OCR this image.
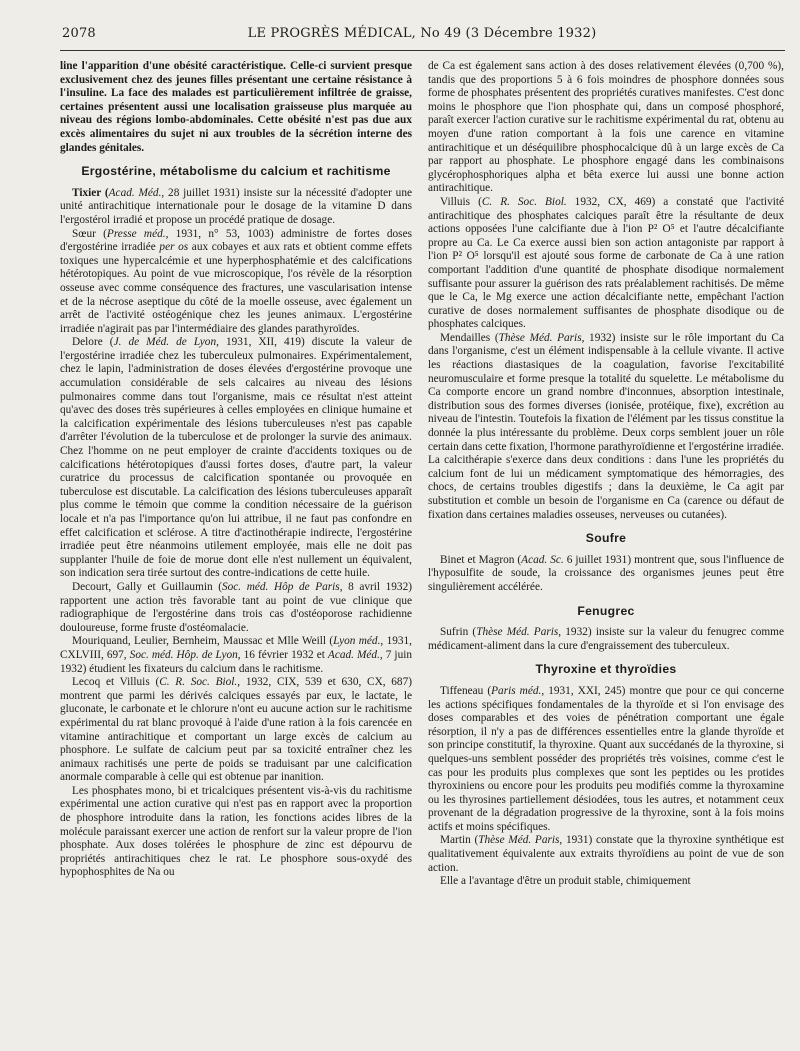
2078	LE PROGRÈS MÉDICAL, No 49 (3 Décembre 1932)

line l'apparition d'une obésité caractéristique. Celle-ci survient presque exclusivement chez des jeunes filles présentant une certaine résistance à l'insuline. La face des malades est particulièrement infiltrée de graisse, certaines présentent aussi une localisation graisseuse plus marquée au niveau des régions lombo-abdominales. Cette obésité n'est pas due aux excès alimentaires du sujet ni aux troubles de la sécrétion interne des glandes génitales.

Ergostérine, métabolisme du calcium et rachitisme

Tixier (Acad. Méd., 28 juillet 1931) insiste sur la nécessité d'adopter une unité antirachitique internationale pour le dosage de la vitamine D dans l'ergostérol irradié et propose un procédé pratique de dosage.

Sœur (Presse méd., 1931, n° 53, 1003) administre de fortes doses d'ergostérine irradiée per os aux cobayes et aux rats et obtient comme effets toxiques une hypercalcémie et une hyperphosphatémie et des calcifications hétérotopiques. Au point de vue microscopique, l'os révèle de la résorption osseuse avec comme conséquence des fractures, une vascularisation intense et de la nécrose aseptique du côté de la moelle osseuse, avec également un arrêt de l'activité ostéogénique chez les jeunes animaux. L'ergostérine irradiée n'agirait pas par l'intermédiaire des glandes parathyroïdes.

Delore (J. de Méd. de Lyon, 1931, XII, 419) discute la valeur de l'ergostérine irradiée chez les tuberculeux pulmonaires. Expérimentalement, chez le lapin, l'administration de doses élevées d'ergostérine provoque une accumulation considérable de sels calcaires au niveau des lésions pulmonaires comme dans tout l'organisme, mais ce résultat n'est atteint qu'avec des doses très supérieures à celles employées en clinique humaine et la calcification expérimentale des lésions tuberculeuses n'est pas capable d'arrêter l'évolution de la tuberculose et de prolonger la survie des animaux. Chez l'homme on ne peut employer de crainte d'accidents toxiques ou de calcifications hétérotopiques d'aussi fortes doses, d'autre part, la valeur curatrice du processus de calcification spontanée ou provoquée en tuberculose est discutable. La calcification des lésions tuberculeuses apparaît plus comme le témoin que comme la condition nécessaire de la guérison locale et n'a pas l'importance qu'on lui attribue, il ne faut pas confondre en effet calcification et sclérose. A titre d'actinothérapie indirecte, l'ergostérine irradiée peut être néanmoins utilement employée, mais elle ne doit pas supplanter l'huile de foie de morue dont elle n'est nullement un équivalent, son indication sera tirée surtout des contre-indications de cette huile.

Decourt, Gally et Guillaumin (Soc. méd. Hôp de Paris, 8 avril 1932) rapportent une action très favorable tant au point de vue clinique que radiographique de l'ergostérine dans trois cas d'ostéoporose rachidienne douloureuse, forme fruste d'ostéomalacie.

Mouriquand, Leulier, Bernheim, Maussac et Mlle Weill (Lyon méd., 1931, CXLVIII, 697, Soc. méd. Hôp. de Lyon, 16 février 1932 et Acad. Méd., 7 juin 1932) étudient les fixateurs du calcium dans le rachitisme.

Lecoq et Villuis (C. R. Soc. Biol., 1932, CIX, 539 et 630, CX, 687) montrent que parmi les dérivés calciques essayés par eux, le lactate, le gluconate, le carbonate et le chlorure n'ont eu aucune action sur le rachitisme expérimental du rat blanc provoqué à l'aide d'une ration à la fois carencée en vitamine antirachitique et comportant un large excès de calcium au phosphore. Le sulfate de calcium peut par sa toxicité entraîner chez les animaux rachitisés une perte de poids se traduisant par une calcification anormale comparable à celle qui est obtenue par inanition.

Les phosphates mono, bi et tricalciques présentent vis-à-vis du rachitisme expérimental une action curative qui n'est pas en rapport avec la proportion de phosphore introduite dans la ration, les fonctions acides libres de la molécule paraissant exercer une action de renfort sur la valeur propre de l'ion phosphate. Aux doses tolérées le phosphure de zinc est dépourvu de propriétés antirachitiques chez le rat. Le phosphore sous-oxydé des hypophosphites de Na ou

de Ca est également sans action à des doses relativement élevées (0,700 %), tandis que des proportions 5 à 6 fois moindres de phosphore données sous forme de phosphates présentent des propriétés curatives manifestes. C'est donc moins le phosphore que l'ion phosphate qui, dans un composé phosphoré, paraît exercer l'action curative sur le rachitisme expérimental du rat, obtenu au moyen d'une ration comportant à la fois une carence en vitamine antirachitique et un déséquilibre phosphocalcique dû à un large excès de Ca par rapport au phosphate. Le phosphore engagé dans les combinaisons glycérophosphoriques alpha et bêta exerce lui aussi une bonne action antirachitique.

Villuis (C. R. Soc. Biol. 1932, CX, 469) a constaté que l'activité antirachitique des phosphates calciques paraît être la résultante de deux actions opposées l'une calcifiante due à l'ion P² O⁵ et l'autre décalcifiante propre au Ca. Le Ca exerce aussi bien son action antagoniste par rapport à l'ion P² O⁵ lorsqu'il est ajouté sous forme de carbonate de Ca à une ration comportant l'addition d'une quantité de phosphate disodique normalement suffisante pour assurer la guérison des rats préalablement rachitisés. De même que le Ca, le Mg exerce une action décalcifiante nette, empêchant l'action curative de doses normalement suffisantes de phosphate disodique ou de phosphates calciques.

Mendailles (Thèse Méd. Paris, 1932) insiste sur le rôle important du Ca dans l'organisme, c'est un élément indispensable à la cellule vivante. Il active les réactions diastasiques de la coagulation, favorise l'excitabilité neuromusculaire et forme presque la totalité du squelette. Le métabolisme du Ca comporte encore un grand nombre d'inconnues, absorption intestinale, distribution sous des formes diverses (ionisée, protéique, fixe), excrétion au niveau de l'intestin. Toutefois la fixation de l'élément par les tissus constitue la donnée la plus intéressante du problème. Deux corps semblent jouer un rôle certain dans cette fixation, l'hormone parathyroïdienne et l'ergostérine irradiée. La calcithérapie s'exerce dans deux conditions : dans l'une les propriétés du calcium font de lui un médicament symptomatique des hémorragies, des chocs, de certains troubles digestifs ; dans la deuxième, le Ca agit par substitution et comble un besoin de l'organisme en Ca (carence ou défaut de fixation dans certaines maladies osseuses, nerveuses ou cutanées).

Soufre

Binet et Magron (Acad. Sc. 6 juillet 1931) montrent que, sous l'influence de l'hyposulfite de soude, la croissance des organismes jeunes peut être singulièrement accélérée.

Fenugrec

Sufrin (Thèse Méd. Paris, 1932) insiste sur la valeur du fenugrec comme médicament-aliment dans la cure d'engraissement des tuberculeux.

Thyroxine et thyroïdies

Tiffeneau (Paris méd., 1931, XXI, 245) montre que pour ce qui concerne les actions spécifiques fondamentales de la thyroïde et si l'on envisage des doses comparables et des voies de pénétration comportant une égale résorption, il n'y a pas de différences essentielles entre la glande thyroïde et son principe constitutif, la thyroxine. Quant aux succédanés de la thyroxine, si quelques-uns semblent posséder des propriétés très voisines, comme c'est le cas pour les produits plus complexes que sont les peptides ou les protides thyroxiniens ou encore pour les produits peu modifiés comme la thyroxamine ou les thyrosines partiellement désiodées, tous les autres, et notamment ceux provenant de la dégradation progressive de la thyroxine, sont à la fois moins actifs et moins spécifiques.

Martin (Thèse Méd. Paris, 1931) constate que la thyroxine synthétique est qualitativement équivalente aux extraits thyroïdiens au point de vue de son action.

Elle a l'avantage d'être un produit stable, chimiquement
